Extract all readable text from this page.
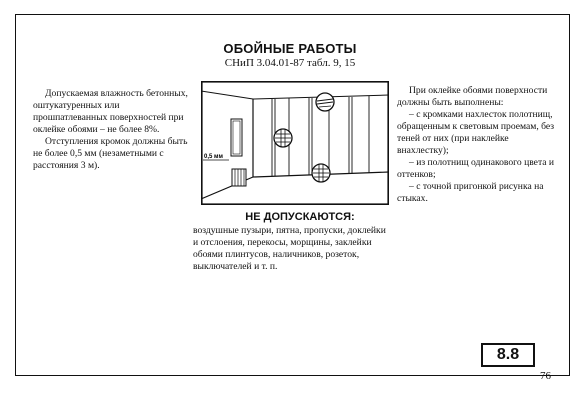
ОБОЙНЫЕ РАБОТЫ
СНиП 3.04.01-87 табл. 9, 15

Допускаемая влажность бетонных, оштукатуренных или прошпатлеванных поверхностей при оклейке обоями – не более 8%.

Отступления кромок должны быть не более 0,5 мм (незаметными с расстояния 3 м).

0,5 мм

При оклейке обоями поверхности должны быть выполнены:

– с кромками нахлесток полотнищ, обращенным к световым проемам, без теней от них (при наклейке внахлестку);

– из полотнищ одинакового цвета и оттенков;

– с точной пригонкой рисунка на стыках.

НЕ ДОПУСКАЮТСЯ:
воздушные пузыри, пятна, пропуски, доклейки и отслоения, перекосы, морщины, заклейки обоями плинтусов, наличников, розеток, выключателей и т. п.
8.8
76
